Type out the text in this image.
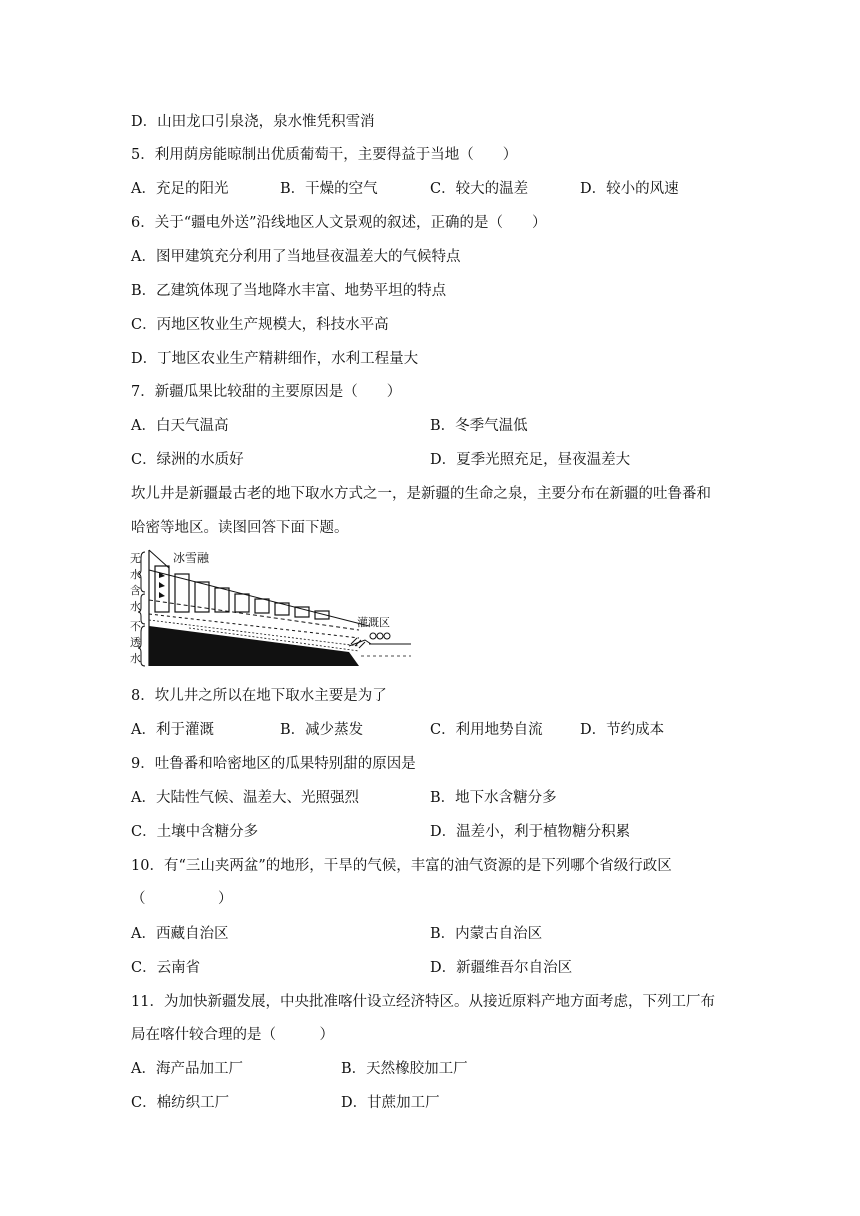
D．山田龙口引泉浇，泉水惟凭积雪消
5．利用荫房能晾制出优质葡萄干，主要得益于当地（　　）
A．充足的阳光	B．干燥的空气	C．较大的温差	D．较小的风速
6．关于“疆电外送”沿线地区人文景观的叙述，正确的是（　　）
A．图甲建筑充分利用了当地昼夜温差大的气候特点
B．乙建筑体现了当地降水丰富、地势平坦的特点
C．丙地区牧业生产规模大，科技水平高
D．丁地区农业生产精耕细作，水利工程量大
7．新疆瓜果比较甜的主要原因是（　　）
A．白天气温高	B．冬季气温低
C．绿洲的水质好	D．夏季光照充足，昼夜温差大
坎儿井是新疆最古老的地下取水方式之一，是新疆的生命之泉，主要分布在新疆的吐鲁番和
哈密等地区。读图回答下面下题。
无
水
含
水
不
透
水
冰雪融
灌溉区
8．坎儿井之所以在地下取水主要是为了
A．利于灌溉	B．减少蒸发	C．利用地势自流	D．节约成本
9．吐鲁番和哈密地区的瓜果特别甜的原因是
A．大陆性气候、温差大、光照强烈	B．地下水含糖分多
C．土壤中含糖分多	D．温差小，利于植物糖分积累
10．有“三山夹两盆”的地形，干旱的气候，丰富的油气资源的是下列哪个省级行政区
（　　　　　）
A．西藏自治区	B．内蒙古自治区
C．云南省	D．新疆维吾尔自治区
11．为加快新疆发展，中央批准喀什设立经济特区。从接近原料产地方面考虑，下列工厂布
局在喀什较合理的是（　　　）
A．海产品加工厂	B．天然橡胶加工厂
C．棉纺织工厂	D．甘蔗加工厂
